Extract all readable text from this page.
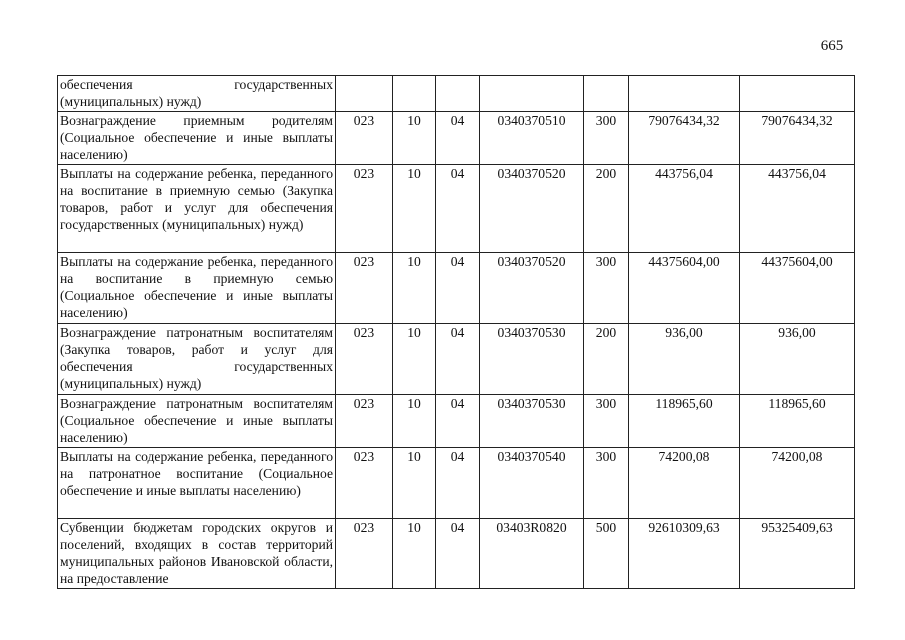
665
обеспечения государственных (муниципальных) нужд)							
Вознаграждение приемным родителям (Социальное обеспечение и иные выплаты населению)	023	10	04	0340370510	300	79076434,32	79076434,32
Выплаты на содержание ребенка, переданного на воспитание в приемную семью (Закупка товаров, работ и услуг для обеспечения государственных (муниципальных) нужд)	023	10	04	0340370520	200	443756,04	443756,04
Выплаты на содержание ребенка, переданного на воспитание в приемную семью (Социальное обеспечение и иные выплаты населению)	023	10	04	0340370520	300	44375604,00	44375604,00
Вознаграждение патронатным воспитателям (Закупка товаров, работ и услуг для обеспечения государственных (муниципальных) нужд)	023	10	04	0340370530	200	936,00	936,00
Вознаграждение патронатным воспитателям (Социальное обеспечение и иные выплаты населению)	023	10	04	0340370530	300	118965,60	118965,60
Выплаты на содержание ребенка, переданного на патронатное воспитание (Социальное обеспечение и иные выплаты населению)	023	10	04	0340370540	300	74200,08	74200,08
Субвенции бюджетам городских округов и поселений, входящих в состав территорий муниципальных районов Ивановской области, на предоставление	023	10	04	03403R0820	500	92610309,63	95325409,63
